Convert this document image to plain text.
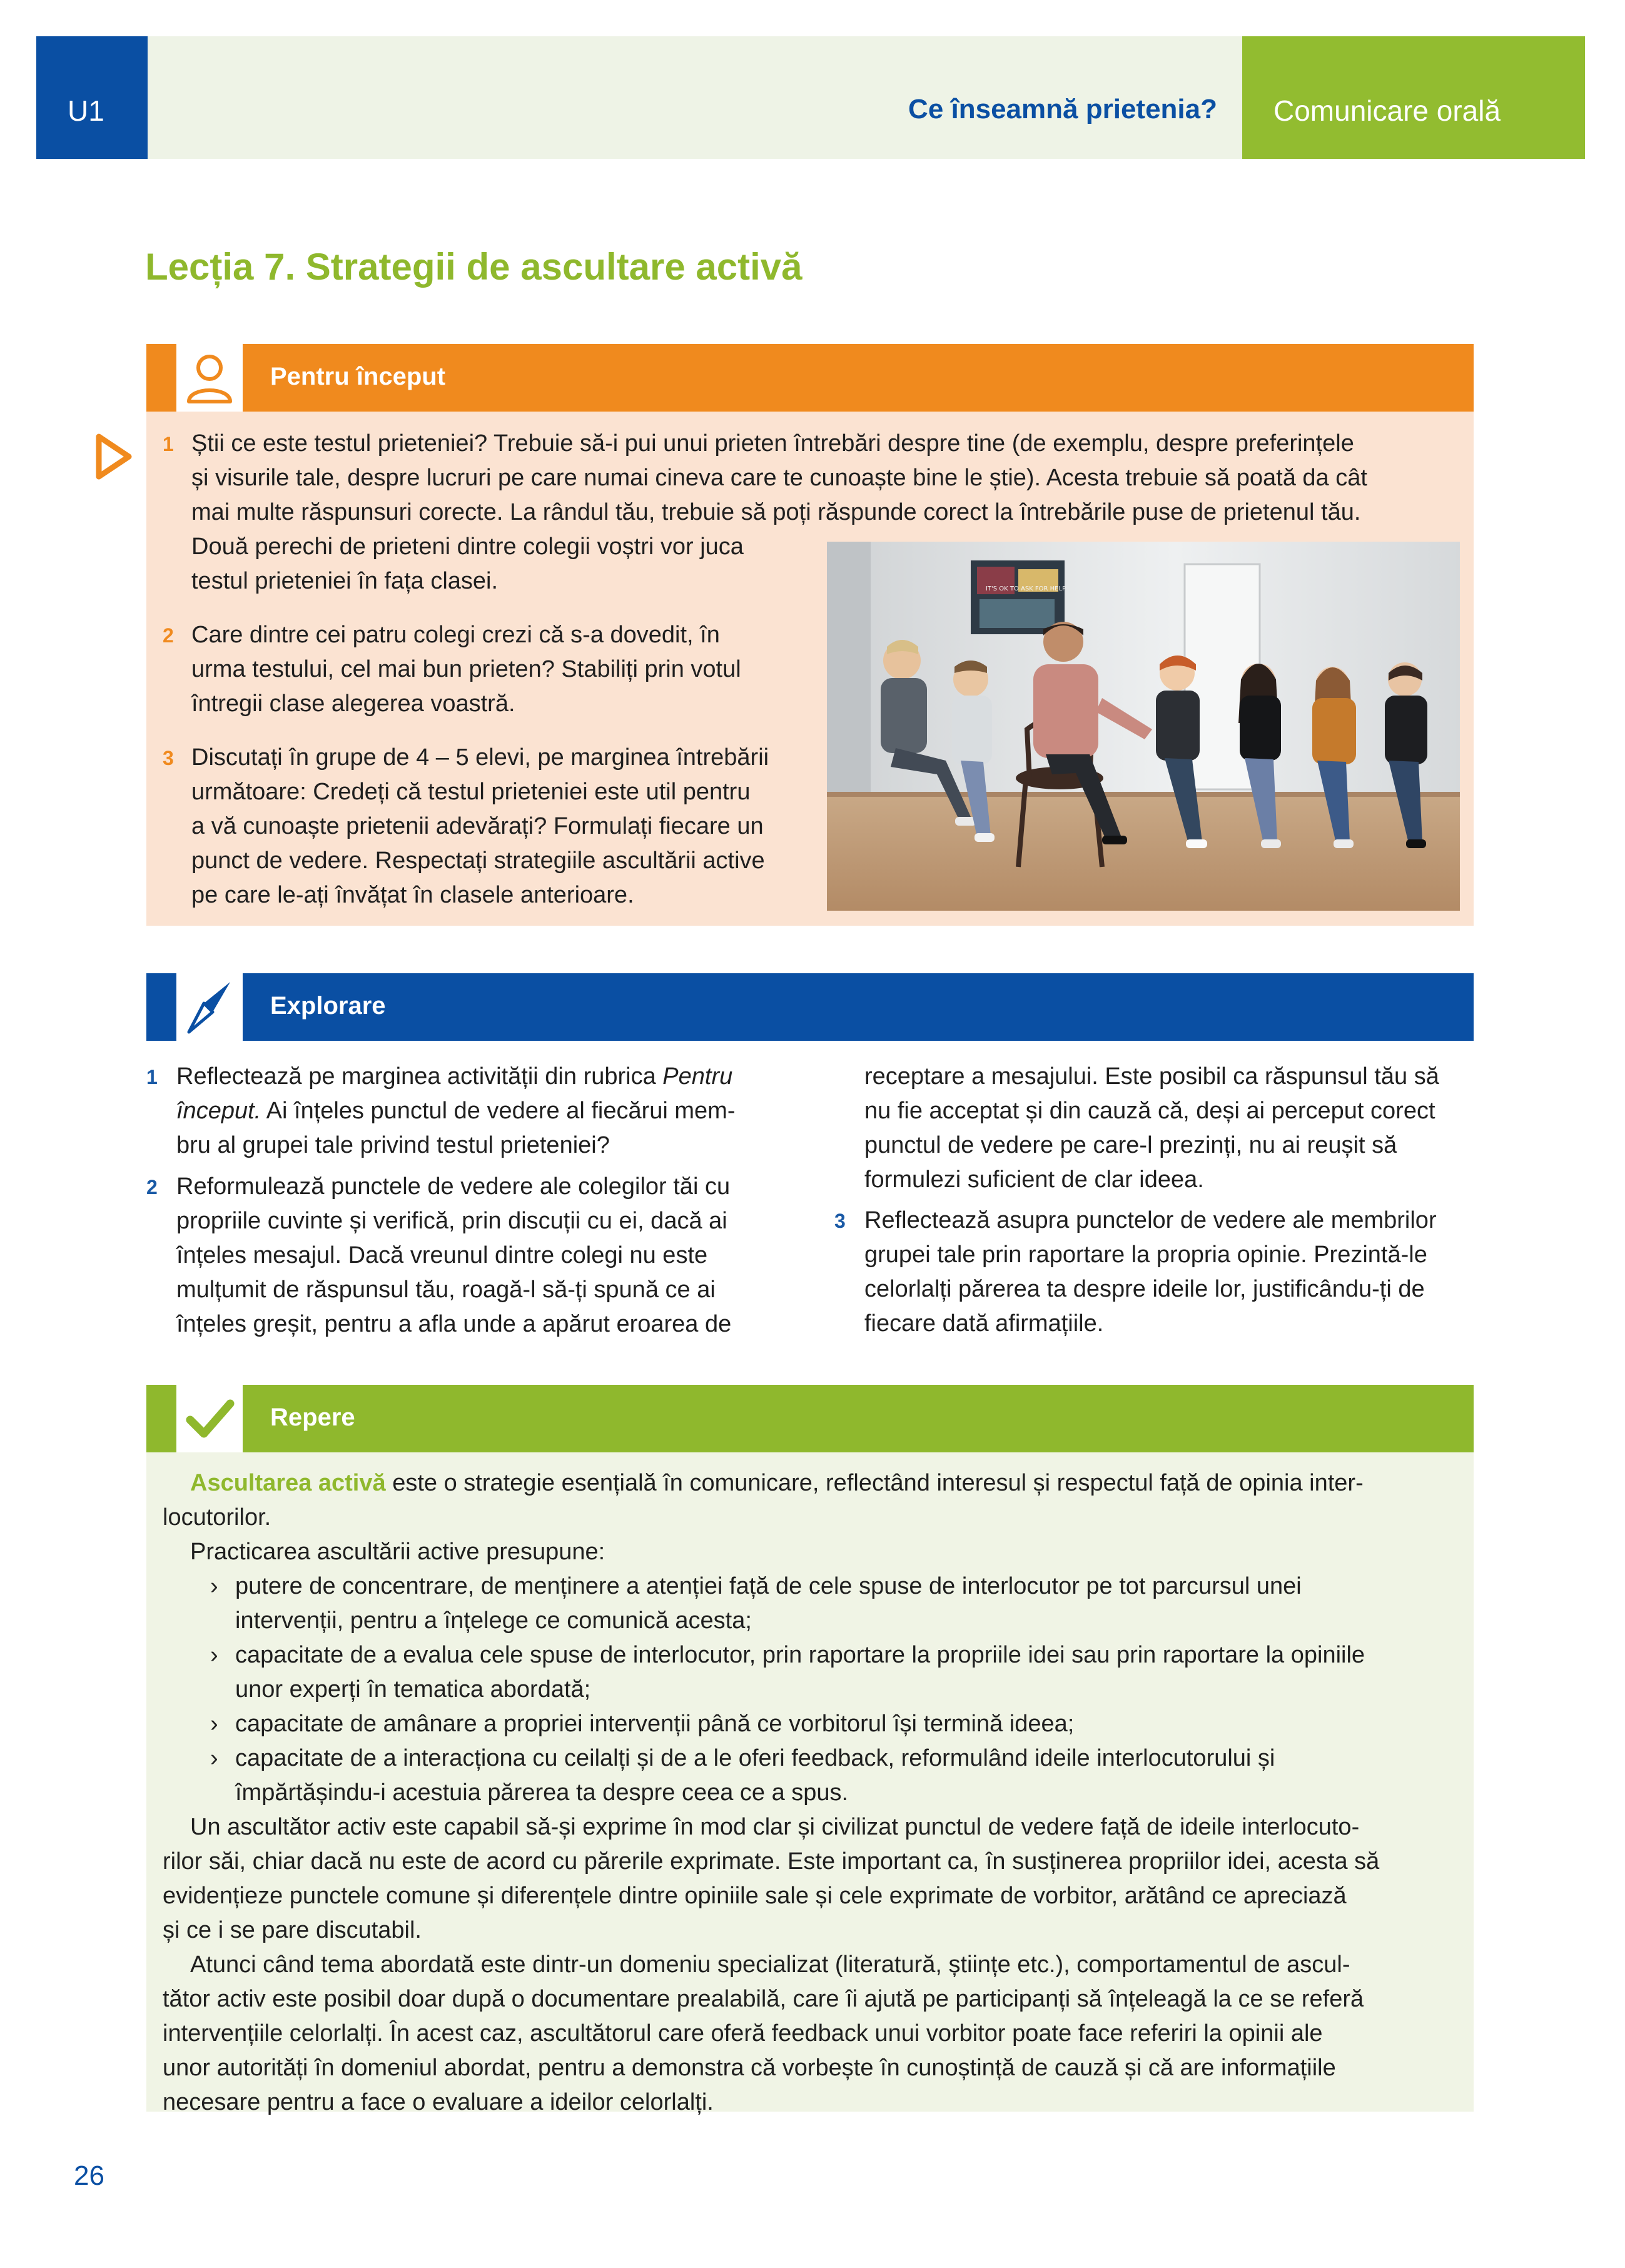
U1	Ce înseamnă prietenia? Comunicare orală
Lecția 7. Strategii de ascultare activă
Pentru început
1 Știi ce este testul prieteniei? Trebuie să-i pui unui prieten întrebări despre tine (de exemplu, despre preferințele
și visurile tale, despre lucruri pe care numai cineva care te cunoaște bine le știe). Acesta trebuie să poată da cât
mai multe răspunsuri corecte. La rândul tău, trebuie să poți răspunde corect la întrebările puse de prietenul tău.
Două perechi de prieteni dintre colegii voștri vor juca
testul prieteniei în fața clasei.
2 Care dintre cei patru colegi crezi că s-a dovedit, în
urma testului, cel mai bun prieten? Stabiliți prin votul
întregii clase alegerea voastră.
3 Discutați în grupe de 4 – 5 elevi, pe marginea întrebării
următoare: Credeți că testul prieteniei este util pentru
a vă cunoaște prietenii adevărați? Formulați fiecare un
punct de vedere. Respectați strategiile ascultării active
pe care le-ați învățat în clasele anterioare.
IT'S OK TO ASK FOR HELP
Explorare
1 Reflectează pe marginea activității din rubrica Pentru
început. Ai înțeles punctul de vedere al fiecărui mem-
bru al grupei tale privind testul prieteniei?
2 Reformulează punctele de vedere ale colegilor tăi cu
propriile cuvinte și verifică, prin discuții cu ei, dacă ai
înțeles mesajul. Dacă vreunul dintre colegi nu este
mulțumit de răspunsul tău, roagă-l să-ți spună ce ai
înțeles greșit, pentru a afla unde a apărut eroarea de
receptare a mesajului. Este posibil ca răspunsul tău să
nu fie acceptat și din cauză că, deși ai perceput corect
punctul de vedere pe care-l prezinți, nu ai reușit să
formulezi suficient de clar ideea.
3 Reflectează asupra punctelor de vedere ale membrilor
grupei tale prin raportare la propria opinie. Prezintă-le
celorlalți părerea ta despre ideile lor, justificându-ți de
fiecare dată afirmațiile.
Repere
Ascultarea activă este o strategie esențială în comunicare, reflectând interesul și respectul față de opinia inter-
locutorilor.
Practicarea ascultării active presupune:
› putere de concentrare, de menținere a atenției față de cele spuse de interlocutor pe tot parcursul unei
intervenții, pentru a înțelege ce comunică acesta;
› capacitate de a evalua cele spuse de interlocutor, prin raportare la propriile idei sau prin raportare la opiniile
unor experți în tematica abordată;
› capacitate de amânare a propriei intervenții până ce vorbitorul își termină ideea;
› capacitate de a interacționa cu ceilalți și de a le oferi feedback, reformulând ideile interlocutorului și
împărtășindu-i acestuia părerea ta despre ceea ce a spus.
Un ascultător activ este capabil să-și exprime în mod clar și civilizat punctul de vedere față de ideile interlocuto-
rilor săi, chiar dacă nu este de acord cu părerile exprimate. Este important ca, în susținerea propriilor idei, acesta să
evidențieze punctele comune și diferențele dintre opiniile sale și cele exprimate de vorbitor, arătând ce apreciază
și ce i se pare discutabil.
Atunci când tema abordată este dintr-un domeniu specializat (literatură, științe etc.), comportamentul de ascul-
tător activ este posibil doar după o documentare prealabilă, care îi ajută pe participanți să înțeleagă la ce se referă
intervențiile celorlalți. În acest caz, ascultătorul care oferă feedback unui vorbitor poate face referiri la opinii ale
unor autorități în domeniul abordat, pentru a demonstra că vorbește în cunoștință de cauză și că are informațiile
necesare pentru a face o evaluare a ideilor celorlalți.
26
